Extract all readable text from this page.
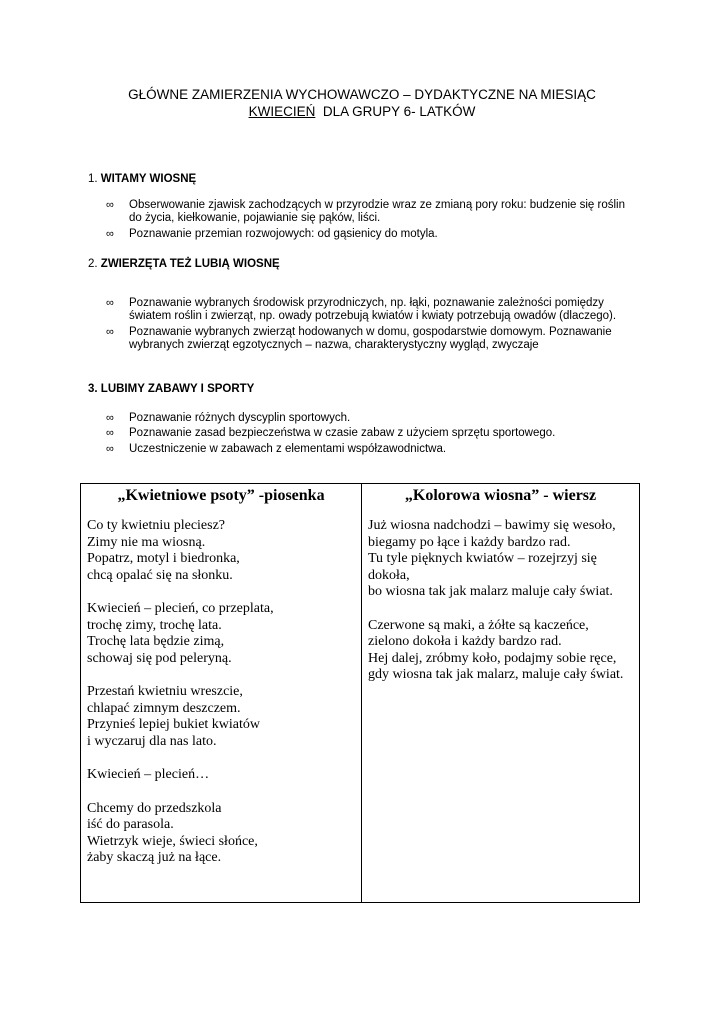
GŁÓWNE ZAMIERZENIA WYCHOWAWCZO – DYDAKTYCZNE NA MIESIĄC
KWIECIEŃ DLA GRUPY 6- LATKÓW
1. WITAMY WIOSNĘ
∞ Obserwowanie zjawisk zachodzących w przyrodzie wraz ze zmianą pory roku: budzenie się roślin do życia, kiełkowanie, pojawianie się pąków, liści.
∞ Poznawanie przemian rozwojowych: od gąsienicy do motyla.
2. ZWIERZĘTA TEŻ LUBIĄ WIOSNĘ
∞ Poznawanie wybranych środowisk przyrodniczych, np. łąki, poznawanie zależności pomiędzy światem roślin i zwierząt, np. owady potrzebują kwiatów i kwiaty potrzebują owadów (dlaczego).
∞ Poznawanie wybranych zwierząt hodowanych w domu, gospodarstwie domowym. Poznawanie wybranych zwierząt egzotycznych – nazwa, charakterystyczny wygląd, zwyczaje
3. LUBIMY ZABAWY I SPORTY
∞ Poznawanie różnych dyscyplin sportowych.
∞ Poznawanie zasad bezpieczeństwa w czasie zabaw z użyciem sprzętu sportowego.
∞ Uczestniczenie w zabawach z elementami współzawodnictwa.
„Kwietniowe psoty” -piosenka
Co ty kwietniu pleciesz?
Zimy nie ma wiosną.
Popatrz, motyl i biedronka,
chcą opalać się na słonku.
Kwiecień – plecień, co przeplata,
trochę zimy, trochę lata.
Trochę lata będzie zimą,
schowaj się pod peleryną.
Przestań kwietniu wreszcie,
chlapać zimnym deszczem.
Przynieś lepiej bukiet kwiatów
i wyczaruj dla nas lato.
Kwiecień – plecień…
Chcemy do przedszkola
iść do parasola.
Wietrzyk wieje, świeci słońce,
żaby skaczą już na łące.
„Kolorowa wiosna” - wiersz
Już wiosna nadchodzi – bawimy się wesoło,
biegamy po łące i każdy bardzo rad.
Tu tyle pięknych kwiatów – rozejrzyj się dokoła,
bo wiosna tak jak malarz maluje cały świat.
Czerwone są maki, a żółte są kaczeńce,
zielono dokoła i każdy bardzo rad.
Hej dalej, zróbmy koło, podajmy sobie ręce,
gdy wiosna tak jak malarz, maluje cały świat.
